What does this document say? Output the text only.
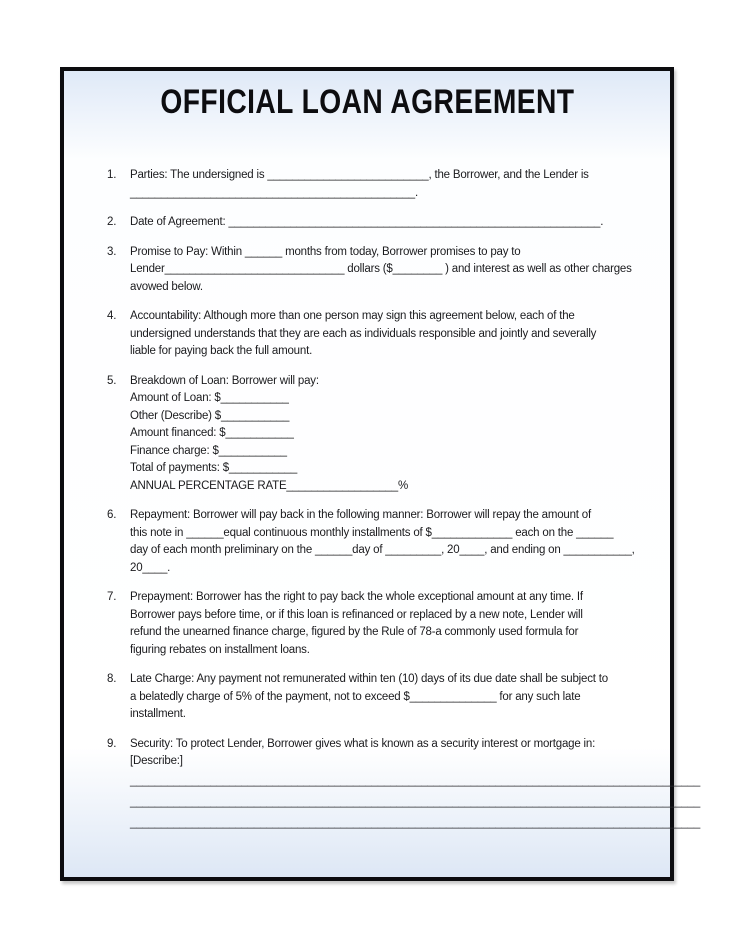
OFFICIAL LOAN AGREEMENT
1.	Parties: The undersigned is __________________________, the Borrower, and the Lender is
______________________________________________.
2.	Date of Agreement: ____________________________________________________________.
3.	Promise to Pay: Within ______ months from today, Borrower promises to pay to
Lender_____________________________ dollars ($________ ) and interest as well as other charges
avowed below.
4.	Accountability: Although more than one person may sign this agreement below, each of the
undersigned understands that they are each as individuals responsible and jointly and severally
liable for paying back the full amount.
5.	Breakdown of Loan: Borrower will pay:
Amount of Loan: $___________
Other (Describe) $___________
Amount financed: $___________
Finance charge: $___________
Total of payments: $___________
ANNUAL PERCENTAGE RATE__________________%
6.	Repayment: Borrower will pay back in the following manner: Borrower will repay the amount of
this note in ______equal continuous monthly installments of $_____________ each on the ______
day of each month preliminary on the ______day of _________, 20____, and ending on ___________,
20____.
7.	Prepayment: Borrower has the right to pay back the whole exceptional amount at any time. If
Borrower pays before time, or if this loan is refinanced or replaced by a new note, Lender will
refund the unearned finance charge, figured by the Rule of 78-a commonly used formula for
figuring rebates on installment loans.
8.	Late Charge: Any payment not remunerated within ten (10) days of its due date shall be subject to
a belatedly charge of 5% of the payment, not to exceed $______________ for any such late
installment.
9.	Security: To protect Lender, Borrower gives what is known as a security interest or mortgage in:
[Describe:]
____________________________________________________________________________________________
____________________________________________________________________________________________
____________________________________________________________________________________________
